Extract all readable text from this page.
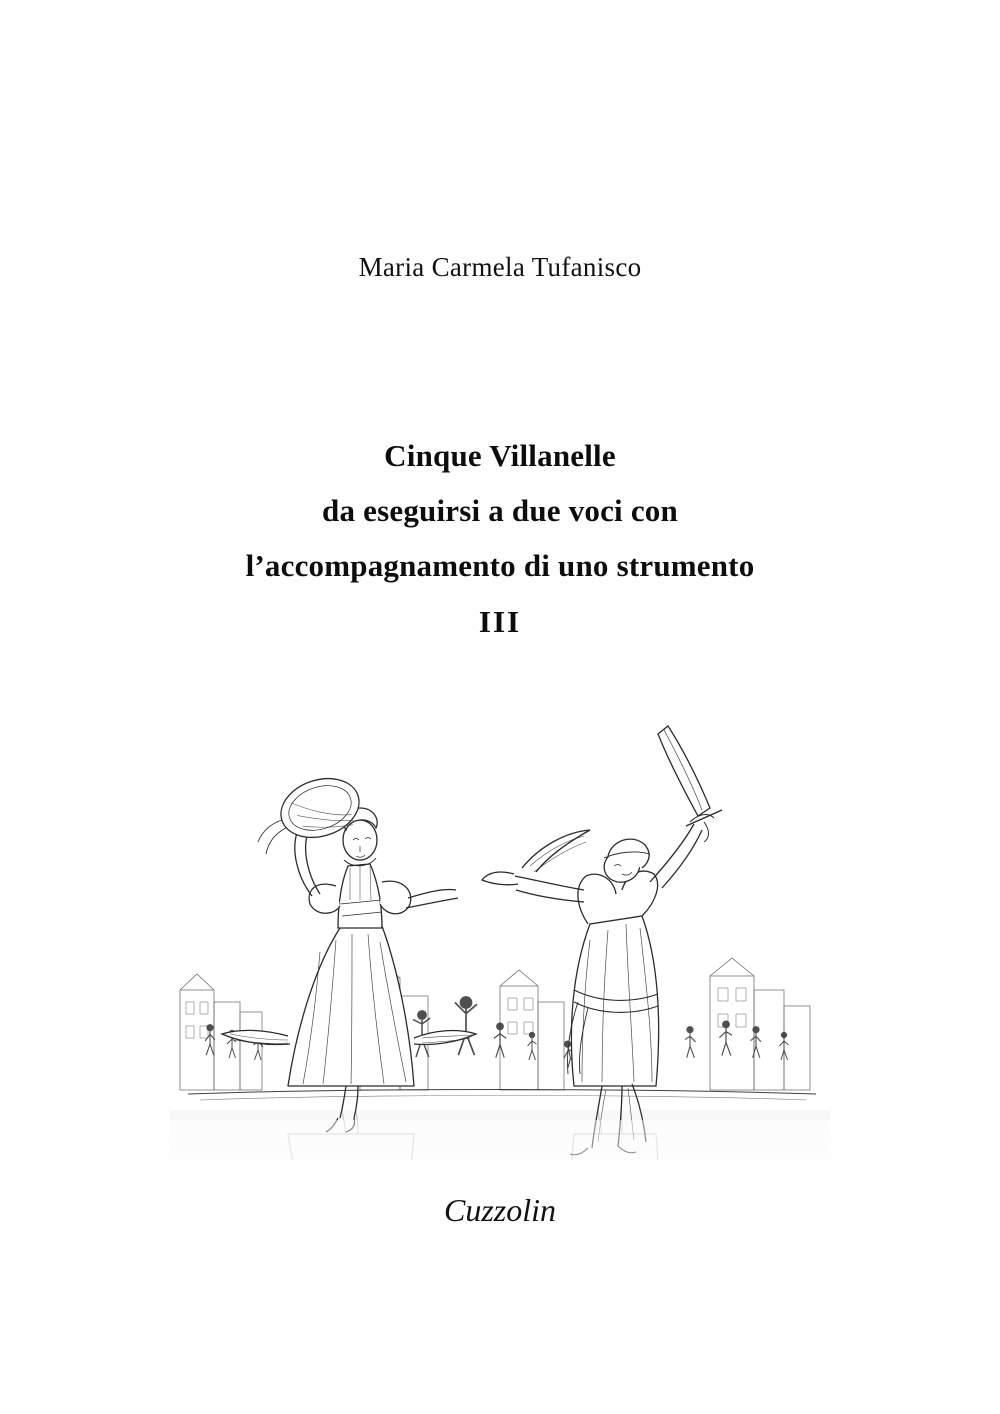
Maria Carmela Tufanisco
Cinque Villanelle
da eseguirsi a due voci con
l’accompagnamento di uno strumento
III
Cuzzolin
